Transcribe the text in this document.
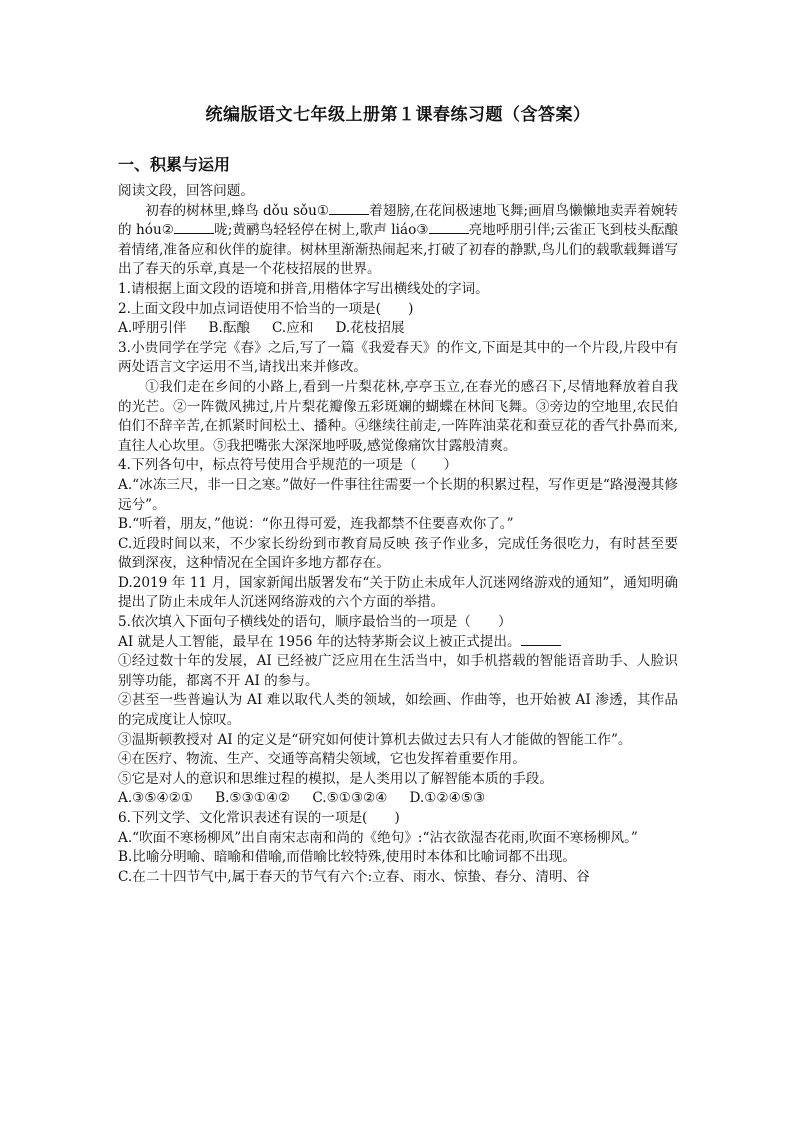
统编版语文七年级上册第１课春练习题（含答案）
一、积累与运用

阅读文段，回答问题。

初春的树林里,蜂鸟 dǒu sǒu①	着翅膀,在花间极速地飞舞;画眉鸟懒懒地卖弄着婉转的 hóu②	咙;黄鹂鸟轻轻停在树上,歌声 liáo③	亮地呼朋引伴;云雀正飞到枝头酝酿着情绪,准备应和伙伴的旋律。树林里渐渐热闹起来,打破了初春的静默,鸟儿们的载歌载舞谱写出了春天的乐章,真是一个花枝招展的世界。

1.请根据上面文段的语境和拼音,用楷体字写出横线处的字词。

2.上面文段中加点词语使用不恰当的一项是(　　)

A.呼朋引伴 B.酝酿 C.应和 D.花枝招展

3.小贵同学在学完《春》之后,写了一篇《我爱春天》的作文,下面是其中的一个片段,片段中有两处语言文字运用不当,请找出来并修改。

①我们走在乡间的小路上,看到一片梨花林,亭亭玉立,在春光的感召下,尽情地释放着自我的光芒。②一阵微风拂过,片片梨花瓣像五彩斑斓的蝴蝶在林间飞舞。③旁边的空地里,农民伯伯们不辞辛苦,在抓紧时间松土、播种。④继续往前走,一阵阵油菜花和蚕豆花的香气扑鼻而来,直往人心坎里。⑤我把嘴张大深深地呼吸,感觉像痛饮甘露般清爽。

4.下列各句中，标点符号使用合乎规范的一项是（　　）

A.“冰冻三尺，非一日之寒。”做好一件事往往需要一个长期的积累过程，写作更是“路漫漫其修远兮”。

B.“听着，朋友，”他说：“你丑得可爱，连我都禁不住要喜欢你了。”

C.近段时间以来，不少家长纷纷到市教育局反映 孩子作业多，完成任务很吃力，有时甚至要做到深夜，这种情况在全国许多地方都存在。

D.2019 年 11 月，国家新闻出版署发布“关于防止未成年人沉迷网络游戏的通知”，通知明确提出了防止未成年人沉迷网络游戏的六个方面的举措。

5.依次填入下面句子横线处的语句，顺序最恰当的一项是（　　）

AI 就是人工智能，最早在 1956 年的达特茅斯会议上被正式提出。

①经过数十年的发展，AI 已经被广泛应用在生活当中，如手机搭载的智能语音助手、人脸识别等功能，都离不开 AI 的参与。

②甚至一些普遍认为 AI 难以取代人类的领域，如绘画、作曲等，也开始被 AI 渗透，其作品的完成度让人惊叹。

③温斯顿教授对 AI 的定义是“研究如何使计算机去做过去只有人才能做的智能工作”。

④在医疗、物流、生产、交通等高精尖领域，它也发挥着重要作用。

⑤它是对人的意识和思维过程的模拟，是人类用以了解智能本质的手段。

A.③⑤④②① B.⑤③①④② C.⑤①③②④ D.①②④⑤③

6.下列文学、文化常识表述有误的一项是(　　)

A.“吹面不寒杨柳风”出自南宋志南和尚的《绝句》:“沾衣欲湿杏花雨,吹面不寒杨柳风。”

B.比喻分明喻、暗喻和借喻,而借喻比较特殊,使用时本体和比喻词都不出现。

C.在二十四节气中,属于春天的节气有六个:立春、雨水、惊蛰、春分、清明、谷
